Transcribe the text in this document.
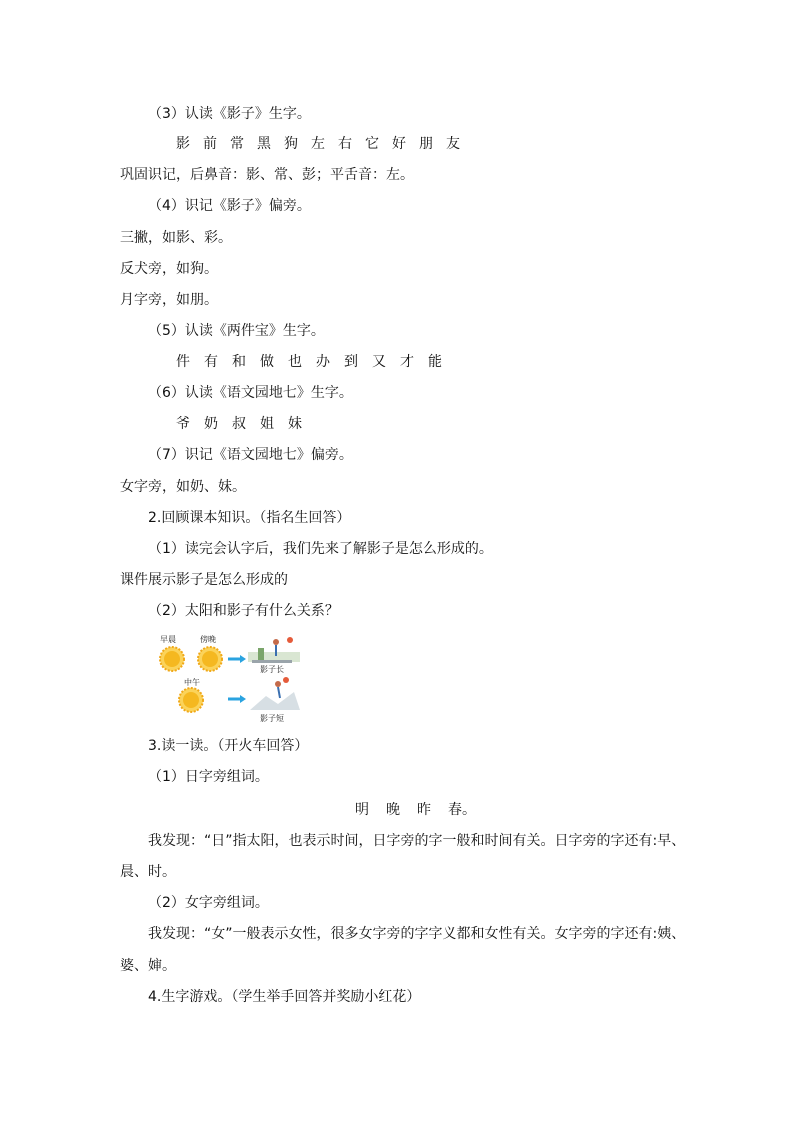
（3）认读《影子》生字。
影 前 常 黑 狗 左 右 它 好 朋 友
巩固识记，后鼻音：影、常、彭；平舌音：左。
（4）识记《影子》偏旁。
三撇，如影、彩。
反犬旁，如狗。
月字旁，如朋。
（5）认读《两件宝》生字。
件 有 和 做 也 办 到 又 才 能
（6）认读《语文园地七》生字。
爷 奶 叔 姐 妹
（7）识记《语文园地七》偏旁。
女字旁，如奶、妹。
2.回顾课本知识。（指名生回答）
（1）读完会认字后，我们先来了解影子是怎么形成的。
课件展示影子是怎么形成的
（2）太阳和影子有什么关系？
早晨	傍晚
影子长
中午
影子短
3.读一读。（开火车回答）
（1）日字旁组词。
明 晚 昨 春。
我发现：“日”指太阳，也表示时间，日字旁的字一般和时间有关。日字旁的字还有:早、
晨、时。
（2）女字旁组词。
我发现：“女”一般表示女性，很多女字旁的字字义都和女性有关。女字旁的字还有:姨、
婆、婶。
4.生字游戏。（学生举手回答并奖励小红花）
